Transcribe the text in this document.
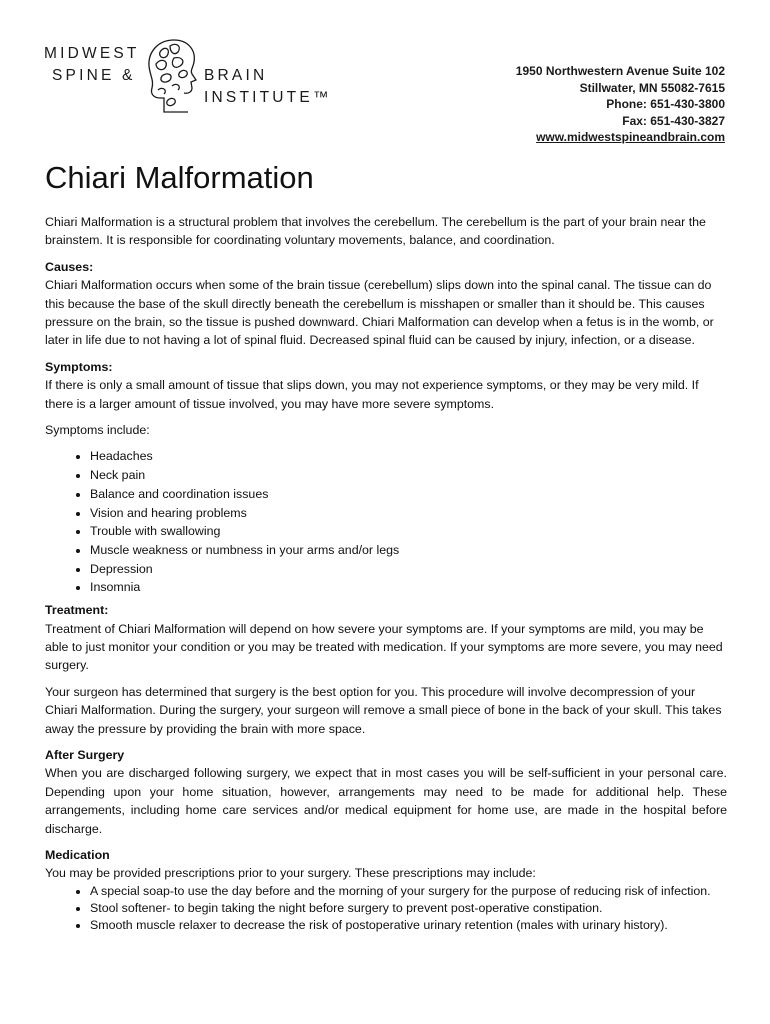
MIDWEST
SPINE &	BRAIN
INSTITUTE™
1950 Northwestern Avenue Suite 102
Stillwater, MN 55082-7615
Phone: 651-430-3800
Fax: 651-430-3827
www.midwestspineandbrain.com
Chiari Malformation

Chiari Malformation is a structural problem that involves the cerebellum. The cerebellum is the part of your brain near the brainstem. It is responsible for coordinating voluntary movements, balance, and coordination.

Causes:

Chiari Malformation occurs when some of the brain tissue (cerebellum) slips down into the spinal canal. The tissue can do this because the base of the skull directly beneath the cerebellum is misshapen or smaller than it should be. This causes pressure on the brain, so the tissue is pushed downward. Chiari Malformation can develop when a fetus is in the womb, or later in life due to not having a lot of spinal fluid. Decreased spinal fluid can be caused by injury, infection, or a disease.

Symptoms:

If there is only a small amount of tissue that slips down, you may not experience symptoms, or they may be very mild. If there is a larger amount of tissue involved, you may have more severe symptoms.

Symptoms include:

• Headaches
• Neck pain
• Balance and coordination issues
• Vision and hearing problems
• Trouble with swallowing
• Muscle weakness or numbness in your arms and/or legs
• Depression
• Insomnia

Treatment:

Treatment of Chiari Malformation will depend on how severe your symptoms are. If your symptoms are mild, you may be able to just monitor your condition or you may be treated with medication. If your symptoms are more severe, you may need surgery.

Your surgeon has determined that surgery is the best option for you. This procedure will involve decompression of your Chiari Malformation. During the surgery, your surgeon will remove a small piece of bone in the back of your skull. This takes away the pressure by providing the brain with more space.

After Surgery

When you are discharged following surgery, we expect that in most cases you will be self-sufficient in your personal care. Depending upon your home situation, however, arrangements may need to be made for additional help. These arrangements, including home care services and/or medical equipment for home use, are made in the hospital before discharge.

Medication

You may be provided prescriptions prior to your surgery. These prescriptions may include:

• A special soap-to use the day before and the morning of your surgery for the purpose of reducing risk of infection.
• Stool softener- to begin taking the night before surgery to prevent post-operative constipation.
• Smooth muscle relaxer to decrease the risk of postoperative urinary retention (males with urinary history).
